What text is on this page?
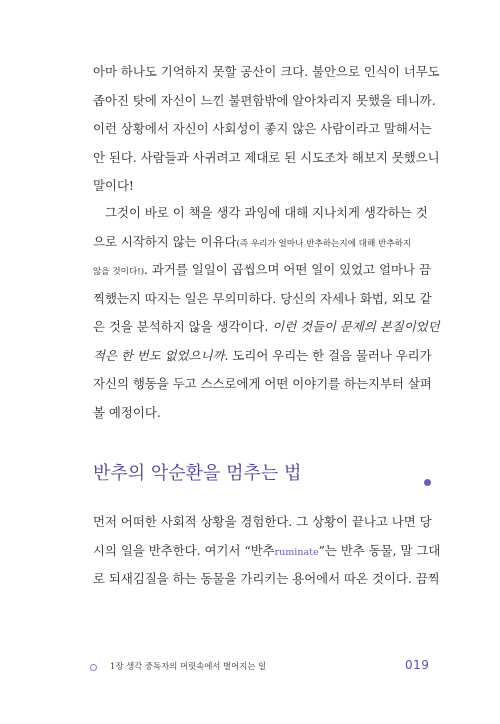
아마 하나도 기억하지 못할 공산이 크다. 불안으로 인식이 너무도
좁아진 탓에 자신이 느낀 불편함밖에 알아차리지 못했을 테니까.
이런 상황에서 자신이 사회성이 좋지 않은 사람이라고 말해서는
안 된다. 사람들과 사귀려고 제대로 된 시도조차 해보지 못했으니
말이다!
그것이 바로 이 책을 생각 과잉에 대해 지나치게 생각하는 것
으로 시작하지 않는 이유다(즉 우리가 얼마나 반추하는지에 대해 반추하지
않을 것이다!). 과거를 일일이 곱씹으며 어떤 일이 있었고 얼마나 끔
찍했는지 따지는 일은 무의미하다. 당신의 자세나 화법, 외모 같
은 것을 분석하지 않을 생각이다. 이런 것들이 문제의 본질이었던
적은 한 번도 없었으니까. 도리어 우리는 한 걸음 물러나 우리가
자신의 행동을 두고 스스로에게 어떤 이야기를 하는지부터 살펴
볼 예정이다.
반추의 악순환을 멈추는 법
먼저 어떠한 사회적 상황을 경험한다. 그 상황이 끝나고 나면 당
시의 일을 반추한다. 여기서 “반추ruminate”는 반추 동물, 말 그대
로 되새김질을 하는 동물을 가리키는 용어에서 따온 것이다. 끔찍
1장 생각 중독자의 머릿속에서 벌어지는 일	019
